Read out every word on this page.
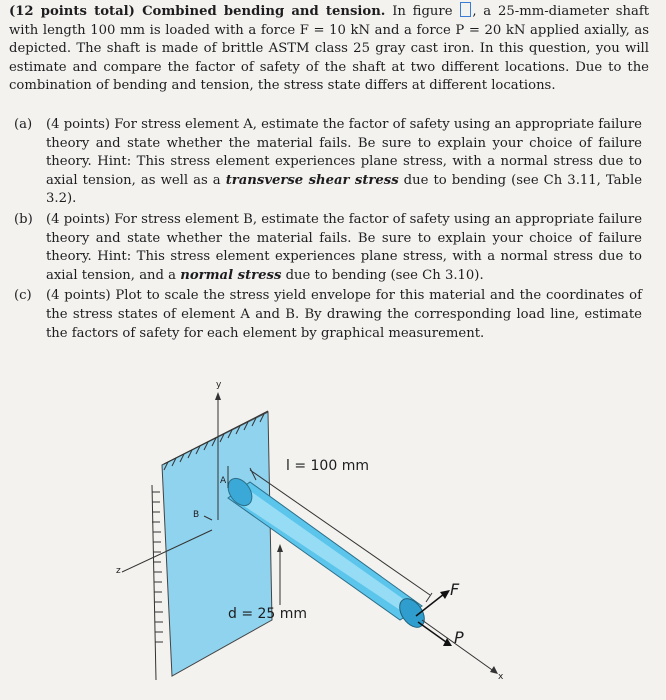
(12 points total) Combined bending and tension. In figure , a 25-mm-diameter shaft with length 100 mm is loaded with a force F = 10 kN and a force P = 20 kN applied axially, as depicted. The shaft is made of brittle ASTM class 25 gray cast iron. In this question, you will estimate and compare the factor of safety of the shaft at two different locations. Due to the combination of bending and tension, the stress state differs at different locations.
(a)	(4 points) For stress element A, estimate the factor of safety using an appropriate failure theory and state whether the material fails. Be sure to explain your choice of failure theory. Hint: This stress element experiences plane stress, with a normal stress due to axial tension, as well as a transverse shear stress due to bending (see Ch 3.11, Table 3.2).
(b)	(4 points) For stress element B, estimate the factor of safety using an appropriate failure theory and state whether the material fails. Be sure to explain your choice of failure theory. Hint: This stress element experiences plane stress, with a normal stress due to axial tension, and a normal stress due to bending (see Ch 3.10).
(c)	(4 points) Plot to scale the stress yield envelope for this material and the coordinates of the stress states of element A and B. By drawing the corresponding load line, estimate the factors of safety for each element by graphical measurement.
y
z
x
A
B
l = 100 mm
d = 25 mm
F
P
